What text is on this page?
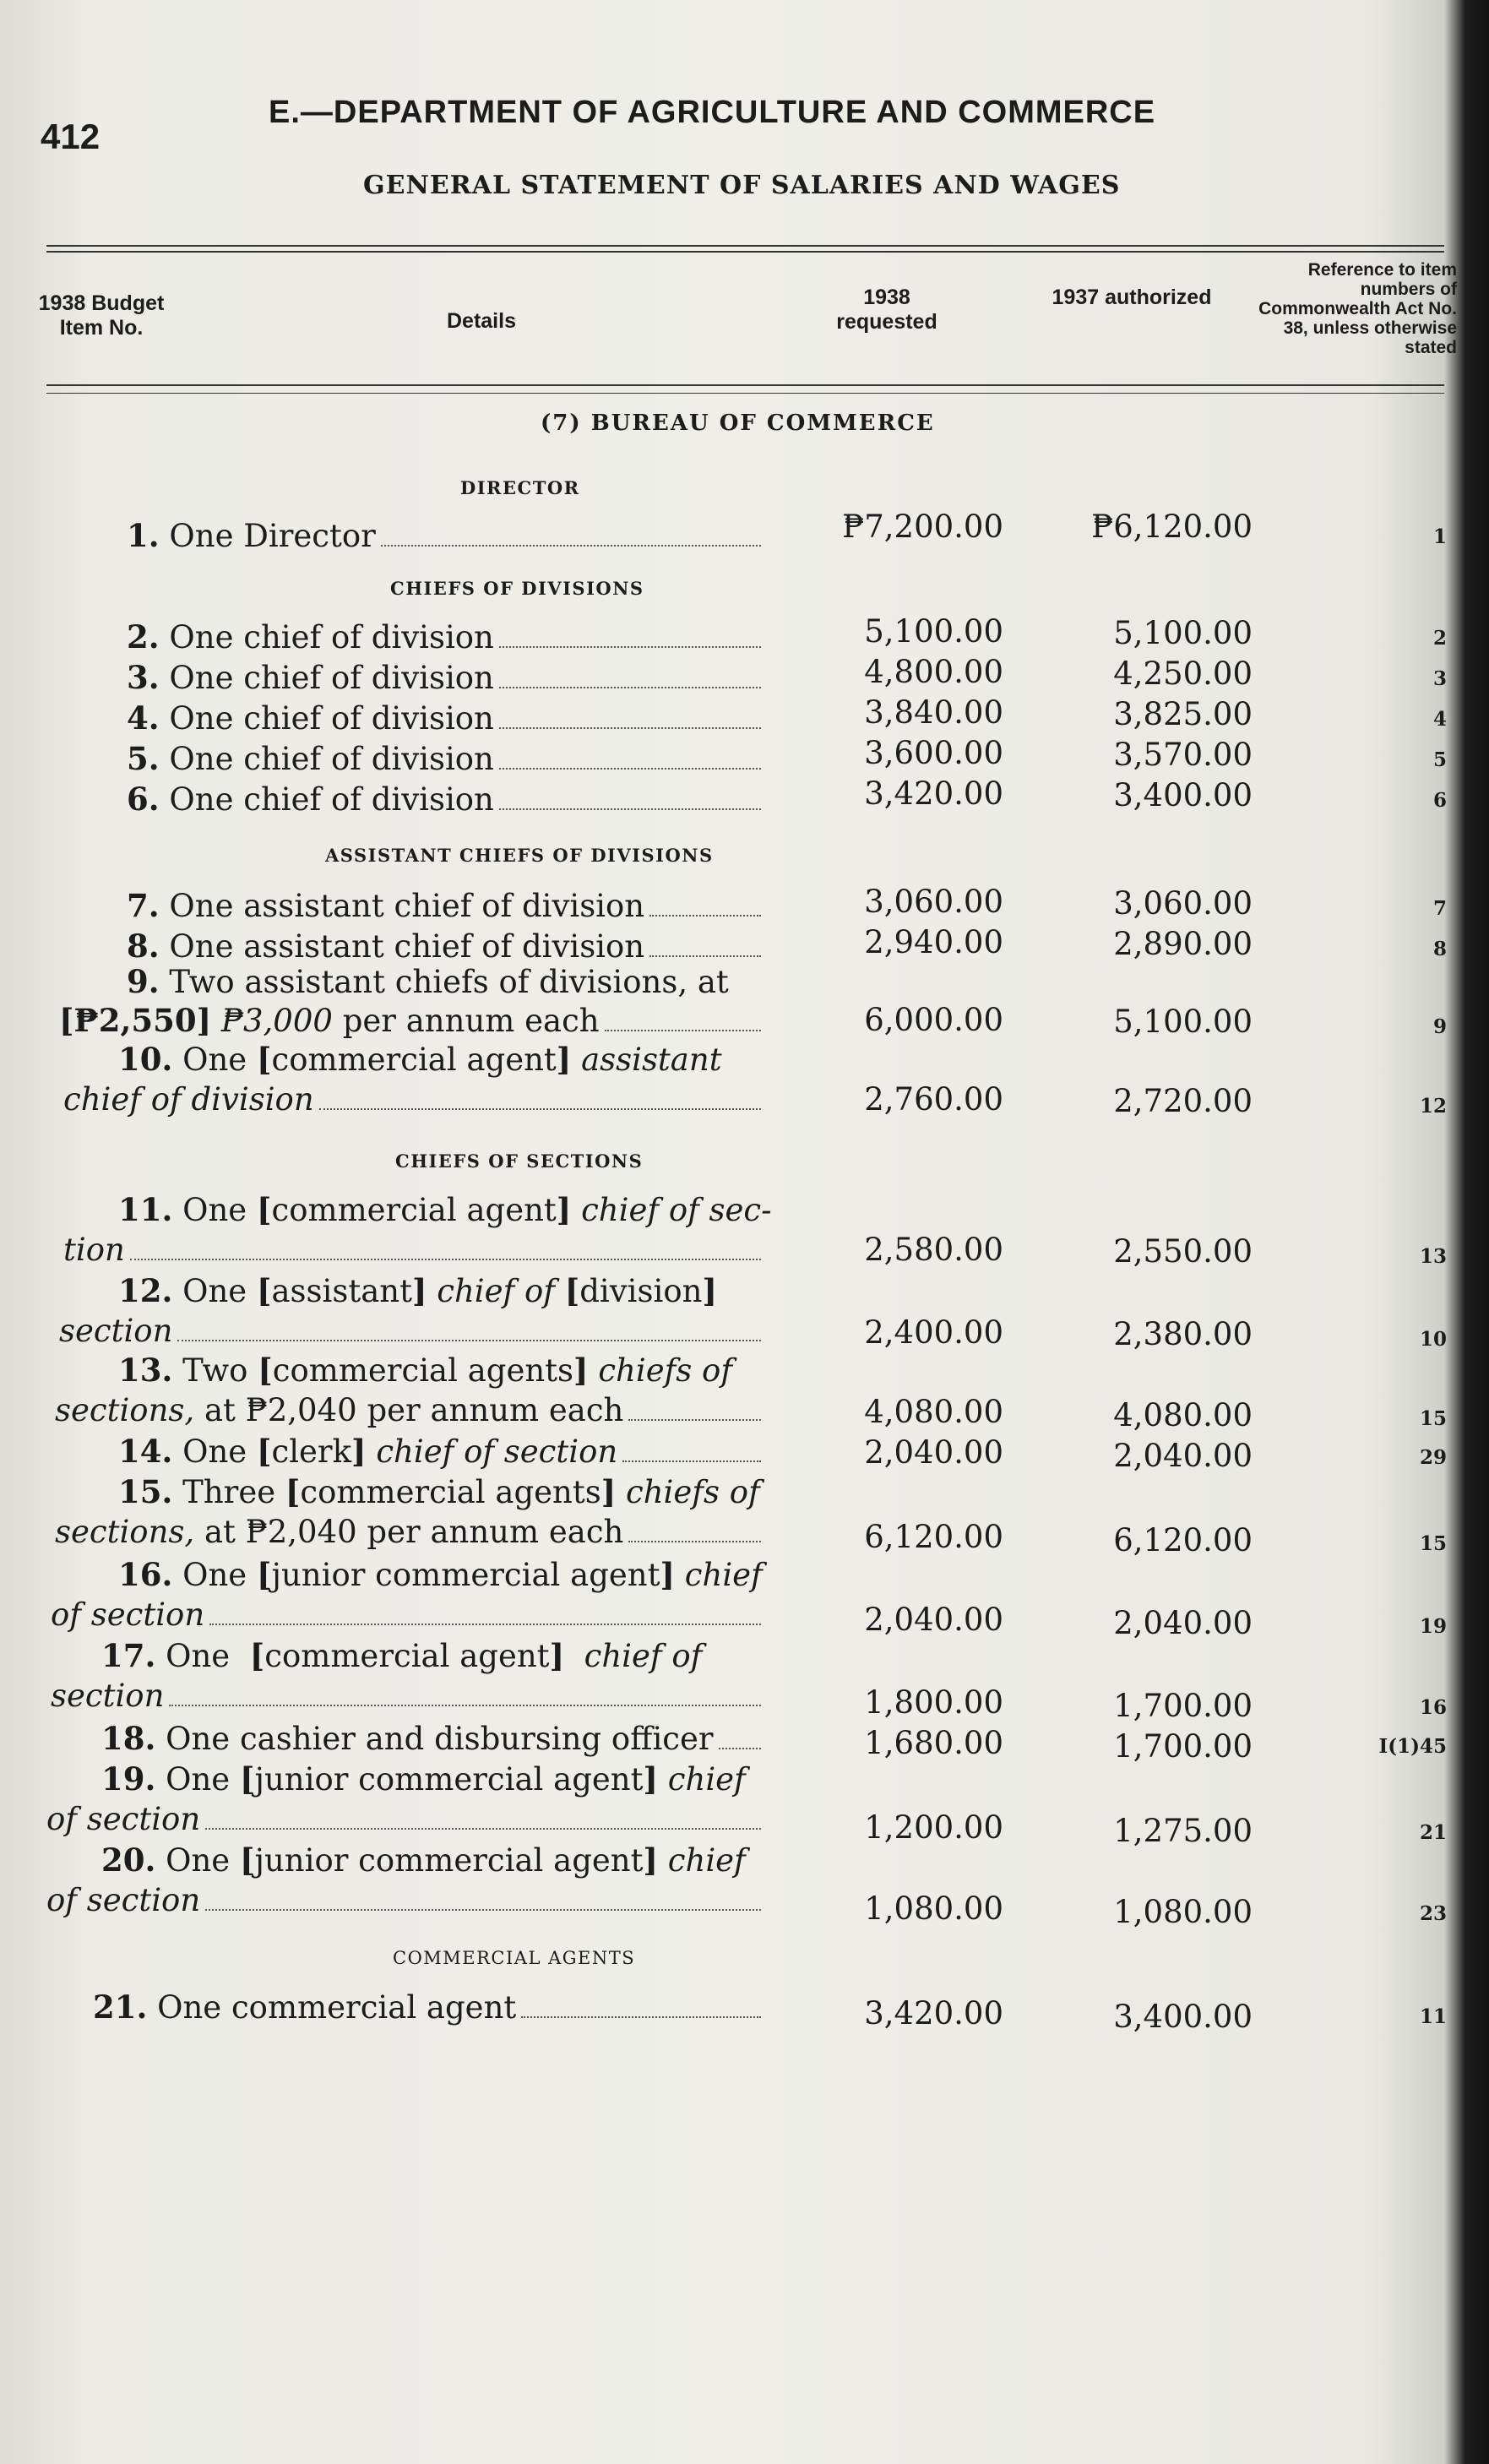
412
E.—DEPARTMENT OF AGRICULTURE AND COMMERCE
GENERAL STATEMENT OF SALARIES AND WAGES
1938 Budget Item No.	Details
1938 requested
1937 authorized
Reference to item numbers of Commonwealth Act No. 38, unless otherwise stated
(7) BUREAU OF COMMERCE
DIRECTOR
1.
One Director	₱7,200.00	₱6,120.00	1
CHIEFS OF DIVISIONS
2.
One chief of division	5,100.00	5,100.00	2
3.
One chief of division	4,800.00	4,250.00	3
4.
One chief of division	3,840.00	3,825.00	4
5.
One chief of division	3,600.00	3,570.00	5
6.
One chief of division	3,420.00	3,400.00	6
ASSISTANT CHIEFS OF DIVISIONS
7.
One assistant chief of division	3,060.00	3,060.00	7
8.
One assistant chief of division	2,940.00	2,890.00	8
9.
Two assistant chiefs of divisions, at
[ ₱2,550 ]
₱3,000
per annum each	6,000.00	5,100.00	9
10.
One
[ commercial agent ]
assistant
chief of division	2,760.00	2,720.00	12
CHIEFS OF SECTIONS
11.
One
[ commercial agent ]
chief of sec-
tion	2,580.00	2,550.00	13
12.
One
[ assistant ]
chief of
[ division ]
section	2,400.00	2,380.00	10
13.
Two
[ commercial agents ]
chiefs of
sections,
at ₱2,040
per annum each	4,080.00	4,080.00	15
14.
One
[ clerk ]
chief of section	2,040.00	2,040.00	29
15.
Three
[ commercial agents ]
chiefs of
sections,
at ₱2,040 per annum each	6,120.00	6,120.00	15
16.
One
[ junior commercial agent ]
chief
of section	2,040.00	2,040.00	19
17.
One
[ commercial agent ]
chief of
section	1,800.00	1,700.00	16
18.
One cashier and disbursing officer	1,680.00	1,700.00	I(1)45
19.
One
[ junior commercial agent ]
chief
of section	1,200.00	1,275.00	21
20.
One
[ junior commercial agent ]
chief
of section	1,080.00	1,080.00	23
COMMERCIAL AGENTS
21.
One commercial agent	3,420.00	3,400.00	11
